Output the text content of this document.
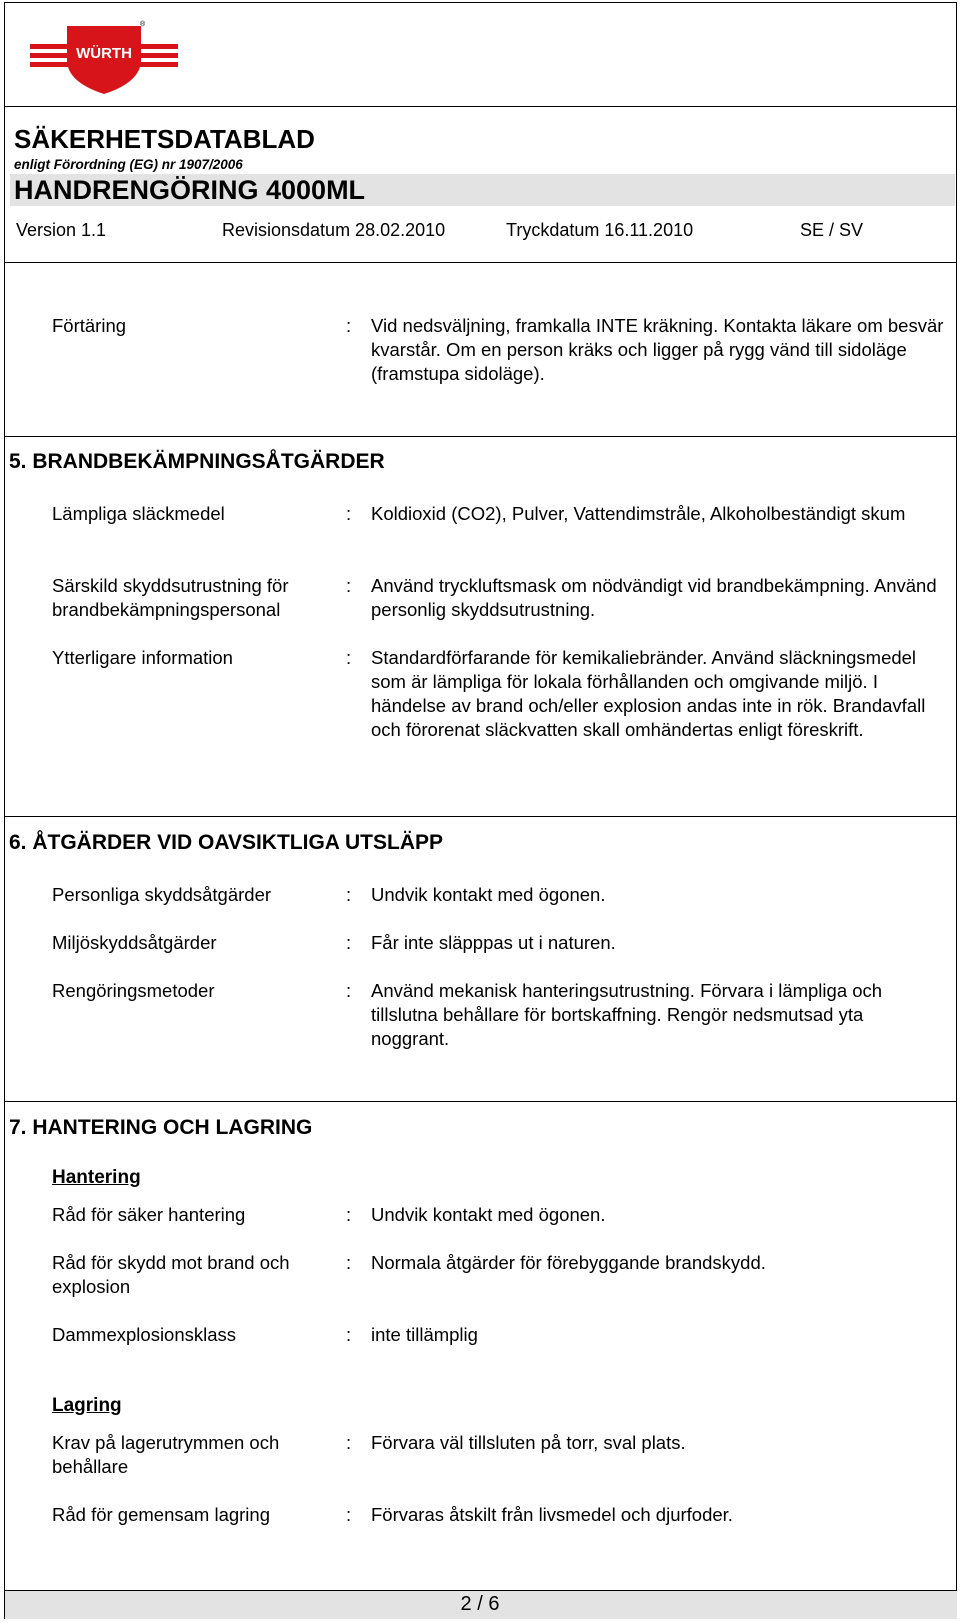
WÜRTH
®
SÄKERHETSDATABLAD
enligt Förordning (EG) nr 1907/2006
HANDRENGÖRING 4000ML
Version 1.1	Revisionsdatum 28.02.2010	Tryckdatum 16.11.2010	SE / SV
Förtäring	: Vid nedsväljning, framkalla INTE kräkning. Kontakta läkare om besvär kvarstår. Om en person kräks och ligger på rygg vänd till sidoläge (framstupa sidoläge).
5. BRANDBEKÄMPNINGSÅTGÄRDER
Lämpliga släckmedel	: Koldioxid (CO2), Pulver, Vattendimstråle, Alkoholbeständigt skum
Särskild skyddsutrustning för brandbekämpningspersonal
: Använd tryckluftsmask om nödvändigt vid brandbekämpning. Använd personlig skyddsutrustning.
Ytterligare information	: Standardförfarande för kemikaliebränder. Använd släckningsmedel som är lämpliga för lokala förhållanden och omgivande miljö. I händelse av brand och/eller explosion andas inte in rök. Brandavfall och förorenat släckvatten skall omhändertas enligt föreskrift.
6. ÅTGÄRDER VID OAVSIKTLIGA UTSLÄPP
Personliga skyddsåtgärder	: Undvik kontakt med ögonen.
Miljöskyddsåtgärder	: Får inte släpppas ut i naturen.
Rengöringsmetoder	: Använd mekanisk hanteringsutrustning. Förvara i lämpliga och tillslutna behållare för bortskaffning. Rengör nedsmutsad yta noggrant.
7. HANTERING OCH LAGRING
Hantering
Råd för säker hantering	: Undvik kontakt med ögonen.
Råd för skydd mot brand och explosion
: Normala åtgärder för förebyggande brandskydd.
Dammexplosionsklass	: inte tillämplig
Lagring
Krav på lagerutrymmen och behållare
: Förvara väl tillsluten på torr, sval plats.
Råd för gemensam lagring	: Förvaras åtskilt från livsmedel och djurfoder.
2 / 6
